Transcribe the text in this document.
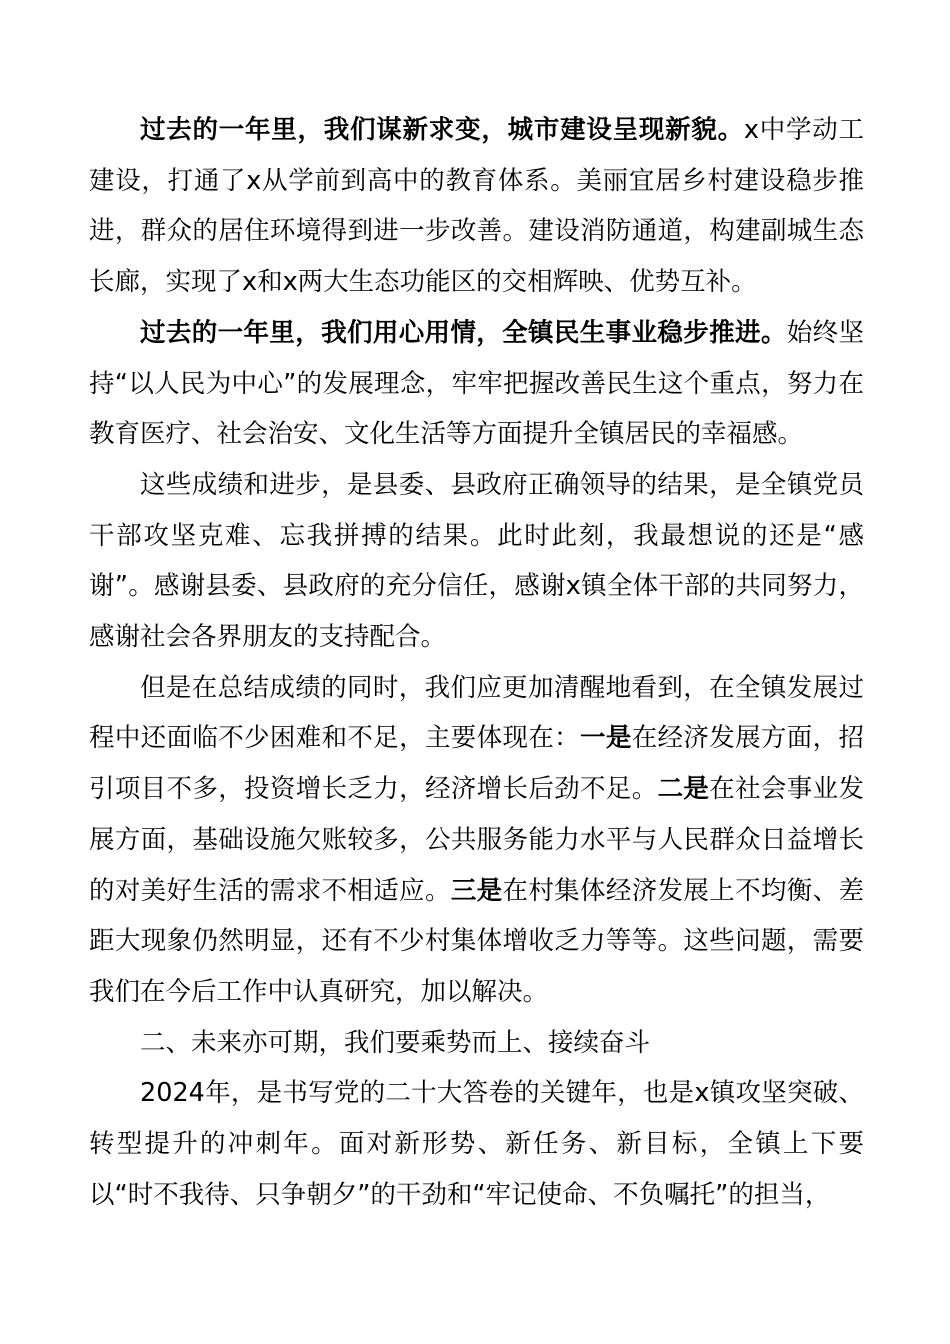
过去的一年里，我们谋新求变，城市建设呈现新貌。x中学动工建设，打通了x从学前到高中的教育体系。美丽宜居乡村建设稳步推进，群众的居住环境得到进一步改善。建设消防通道，构建副城生态长廊，实现了x和x两大生态功能区的交相辉映、优势互补。

过去的一年里，我们用心用情，全镇民生事业稳步推进。始终坚持“以人民为中心”的发展理念，牢牢把握改善民生这个重点，努力在教育医疗、社会治安、文化生活等方面提升全镇居民的幸福感。

这些成绩和进步，是县委、县政府正确领导的结果，是全镇党员干部攻坚克难、忘我拼搏的结果。此时此刻，我最想说的还是“感谢”。感谢县委、县政府的充分信任，感谢x镇全体干部的共同努力，感谢社会各界朋友的支持配合。

但是在总结成绩的同时，我们应更加清醒地看到，在全镇发展过程中还面临不少困难和不足，主要体现在：一是在经济发展方面，招引项目不多，投资增长乏力，经济增长后劲不足。二是在社会事业发展方面，基础设施欠账较多，公共服务能力水平与人民群众日益增长的对美好生活的需求不相适应。三是在村集体经济发展上不均衡、差距大现象仍然明显，还有不少村集体增收乏力等等。这些问题，需要我们在今后工作中认真研究，加以解决。

二、未来亦可期，我们要乘势而上、接续奋斗

2024年，是书写党的二十大答卷的关键年，也是x镇攻坚突破、转型提升的冲刺年。面对新形势、新任务、新目标，全镇上下要以“时不我待、只争朝夕”的干劲和“牢记使命、不负嘱托”的担当，
